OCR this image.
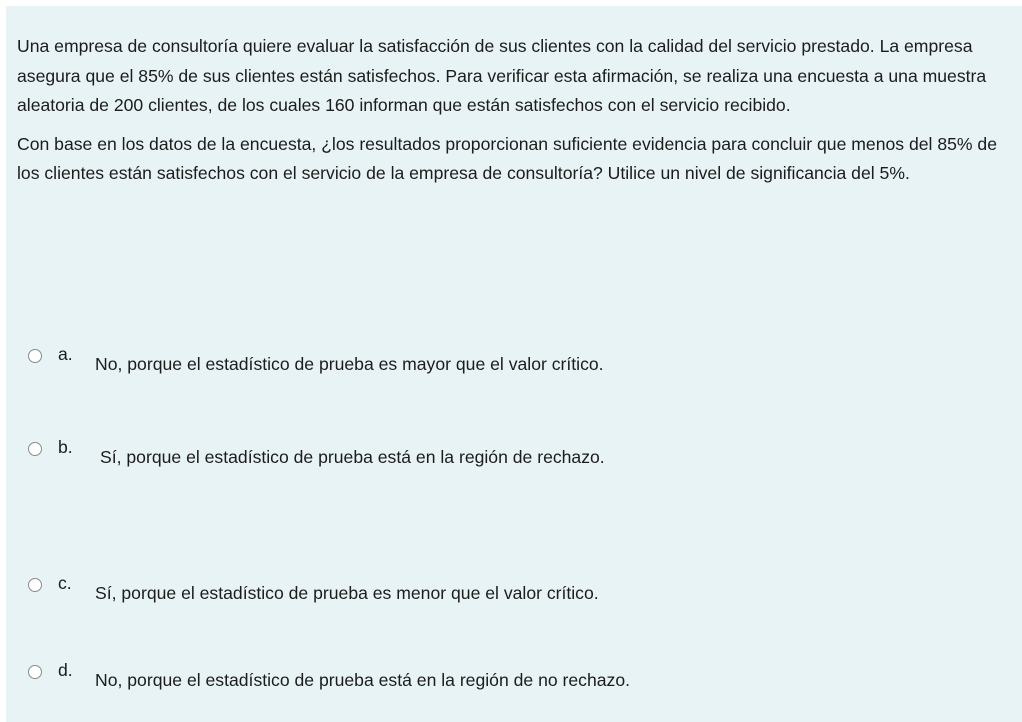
Una empresa de consultoría quiere evaluar la satisfacción de sus clientes con la calidad del servicio prestado. La empresa asegura que el 85% de sus clientes están satisfechos. Para verificar esta afirmación, se realiza una encuesta a una muestra aleatoria de 200 clientes, de los cuales 160 informan que están satisfechos con el servicio recibido.

Con base en los datos de la encuesta, ¿los resultados proporcionan suficiente evidencia para concluir que menos del 85% de los clientes están satisfechos con el servicio de la empresa de consultoría? Utilice un nivel de significancia del 5%.

a. No, porque el estadístico de prueba es mayor que el valor crítico.
b. Sí, porque el estadístico de prueba está en la región de rechazo.
c. Sí, porque el estadístico de prueba es menor que el valor crítico.
d. No, porque el estadístico de prueba está en la región de no rechazo.
